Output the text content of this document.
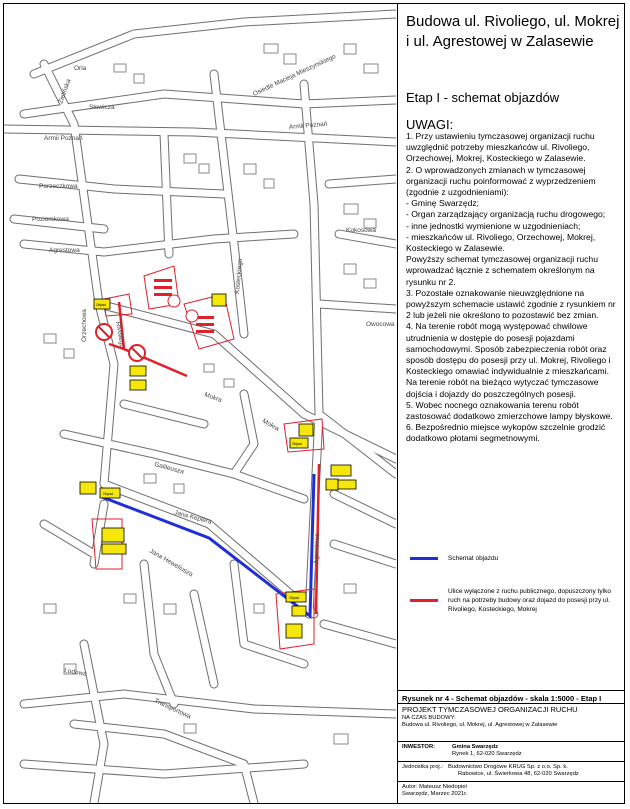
Orla
Zielińska
Słowicza
Osiedle Macieja Mieszynskiego
Armii Poznań
Armii Poznań
Porzeczkowa
Poziomkowa
Agrestowa
Orzechowa
Kosteckiego
Mokra
Mokra
Galileusza
Jana Keplera
Jana Heweliusza
Rivoliego
Lodowa
Transportowa
Kokosowa
Owocowa
Agrestowa
Objazd
Objazd
Objazd
Objazd
Budowa ul. Rivoliego, ul. Mokrej i ul. Agrestowej w Zalasewie
Etap I - schemat objazdów
UWAGI:

1. Przy ustawieniu tymczasowej organizacji ruchu uwzględnić potrzeby mieszkańców ul. Rivoliego, Orzechowej, Mokrej, Kosteckiego w Zalasewie.

2. O wprowadzonych zmianach w tymczasowej organizacji ruchu poinformować z wyprzedzeniem (zgodnie z uzgodnieniami):

- Gminę Swarzędz;

- Organ zarządzający organizacją ruchu drogowego;

- inne jednostki wymienione w uzgodnieniach;

- mieszkańców ul. Rivoliego, Orzechowej, Mokrej, Kosteckiego w Zalasewie.

Powyższy schemat tymczasowej organizacji ruchu wprowadzać łącznie z schematem określonym na rysunku nr 2.

3. Pozostałe oznakowanie nieuwzględnione na powyższym schemacie ustawić zgodnie z rysunkiem nr 2 lub jeżeli nie określono to pozostawić bez zmian.

4. Na terenie robót mogą występować chwilowe utrudnienia w dostępie do posesji pojazdami samochodowymi. Sposób zabezpieczenia robót oraz sposób dostępu do posesji przy ul. Mokrej, Rivoliego i Kosteckiego omawiać indywidualnie z mieszkańcami. Na terenie robót na bieżąco wytyczać tymczasowe dojścia i dojazdy do poszczególnych posesji.

5. Wobec nocnego oznakowania terenu robót zastosować dodatkowo zmierzchowe lampy błyskowe.

6. Bezpośrednio miejsce wykopów szczelnie grodzić dodatkowo płotami segmetnowymi.

Schemat objazdu
Ulice wyłączone z ruchu publicznego, dopuszczony tylko ruch na potrzeby budowy oraz dojazd do posesji przy ul. Rivoliego, Kosteckiego, Mokrej
Rysunek nr 4 - Schemat objazdów - skala 1:5000 - Etap I
PROJEKT TYMCZASOWEJ ORGANIZACJI RUCHU
NA CZAS BUDOWY:
Budowa ul. Rivoliego, ul. Mokrej, ul. Agrestowej w Zalasewie
INWESTOR:	Gmina Swarzędz
Rynek 1, 62-020 Swarzędz
Jednostka proj.: Budownictwo Drogowe KRUG Sp. z o.o. Sp. k.
Rabowice, ul. Świerkowa 48, 62-020 Swarzędz
Autor: Mateusz Niedopiel
Swarzędz, Marzec 2021r.
